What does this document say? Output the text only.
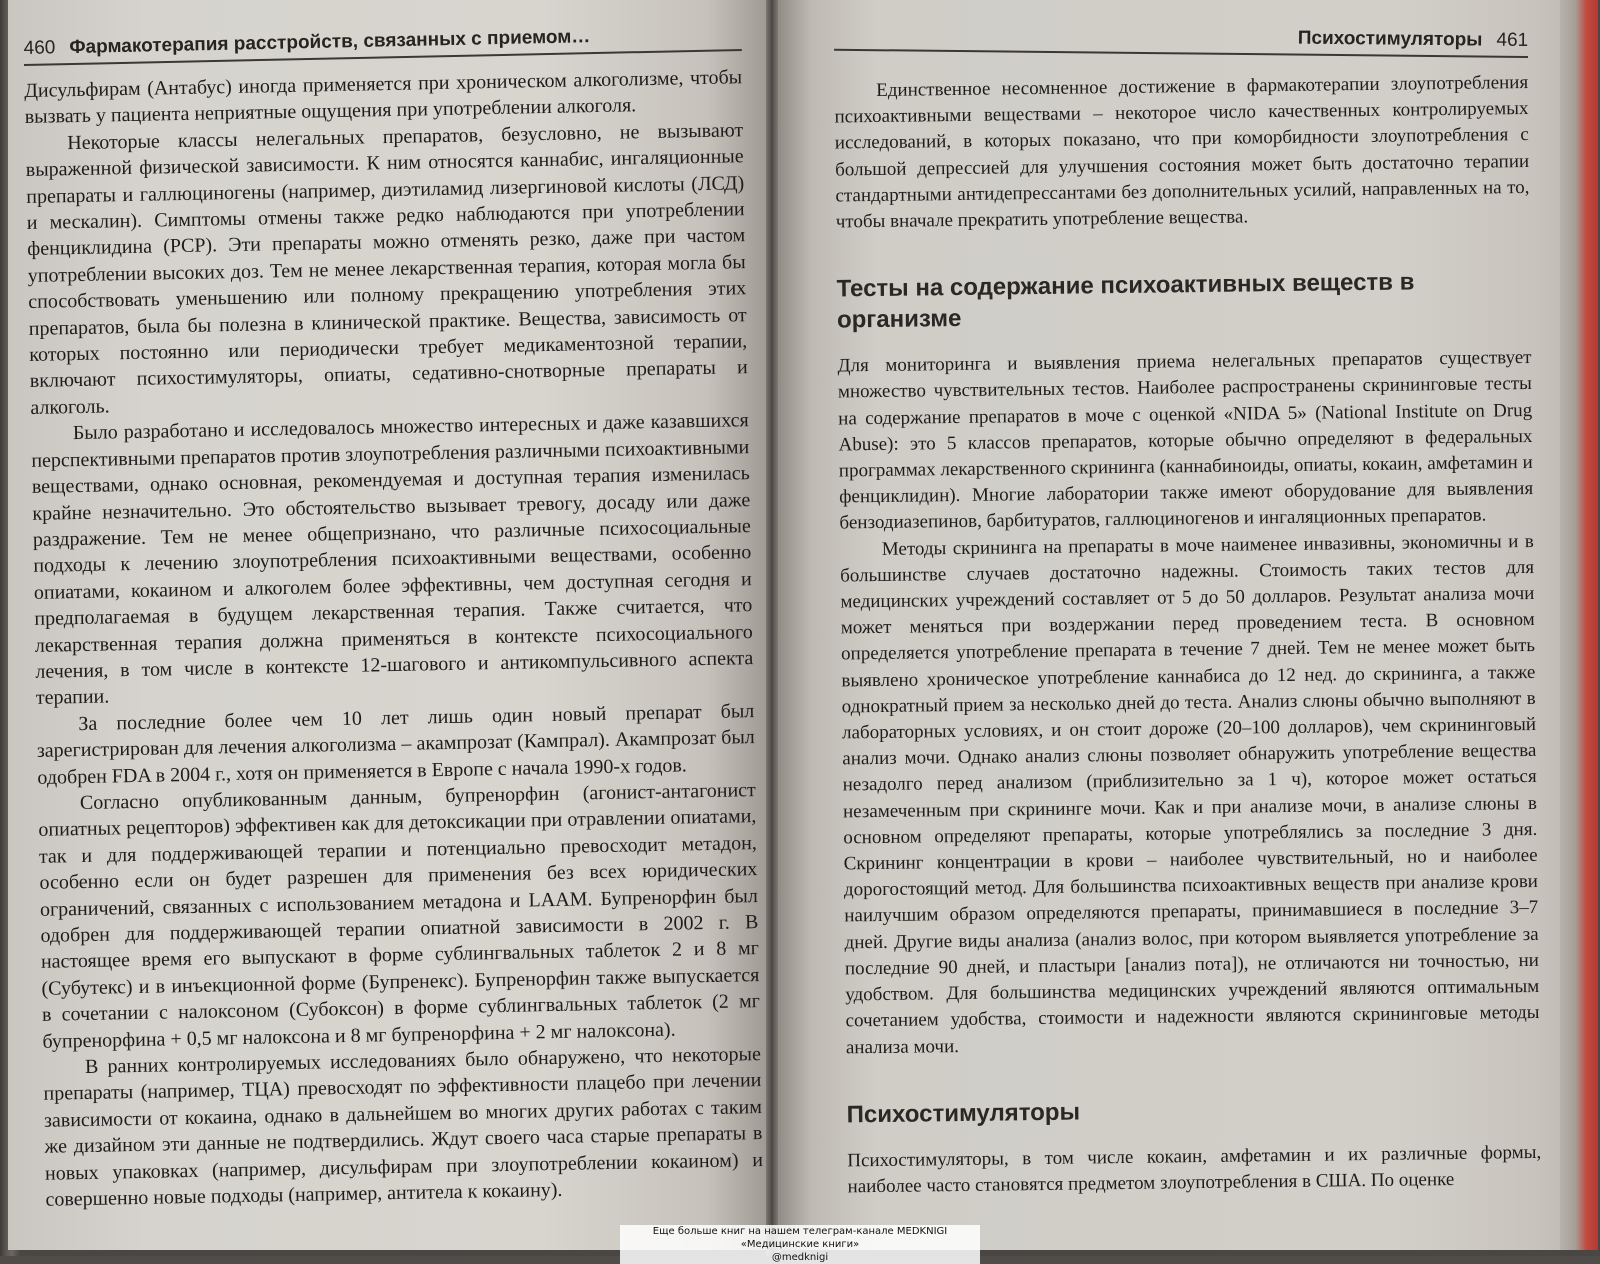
460 Фармакотерапия расстройств, связанных с приемом…

Дисульфирам (Антабус) иногда применяется при хроническом алкоголизме, чтобы вызвать у пациента неприятные ощущения при употреблении алкоголя.

Некоторые классы нелегальных препаратов, безусловно, не вызывают выраженной физической зависимости. К ним относятся каннабис, ингаляционные препараты и галлюциногены (например, диэтиламид лизергиновой кислоты (ЛСД) и мескалин). Симптомы отмены также редко наблюдаются при употреблении фенциклидина (PCP). Эти препараты можно отменять резко, даже при частом употреблении высоких доз. Тем не менее лекарственная терапия, которая могла бы способствовать уменьшению или полному прекращению употребления этих препаратов, была бы полезна в клинической практике. Вещества, зависимость от которых постоянно или периодически требует медикаментозной терапии, включают психостимуляторы, опиаты, седативно-снотворные препараты и алкоголь.

Было разработано и исследовалось множество интересных и даже казавшихся перспективными препаратов против злоупотребления различными психоактивными веществами, однако основная, рекомендуемая и доступная терапия изменилась крайне незначительно. Это обстоятельство вызывает тревогу, досаду или даже раздражение. Тем не менее общепризнано, что различные психосоциальные подходы к лечению злоупотребления психоактивными веществами, особенно опиатами, кокаином и алкоголем более эффективны, чем доступная сегодня и предполагаемая в будущем лекарственная терапия. Также считается, что лекарственная терапия должна применяться в контексте психосоциального лечения, в том числе в контексте 12-шагового и антикомпульсивного аспекта терапии.

За последние более чем 10 лет лишь один новый препарат был зарегистрирован для лечения алкоголизма – акампрозат (Кампрал). Акампрозат был одобрен FDA в 2004 г., хотя он применяется в Европе с начала 1990-х годов.

Согласно опубликованным данным, бупренорфин (агонист-антагонист опиатных рецепторов) эффективен как для детоксикации при отравлении опиатами, так и для поддерживающей терапии и потенциально превосходит метадон, особенно если он будет разрешен для применения без всех юридических ограничений, связанных с использованием метадона и LAAM. Бупренорфин был одобрен для поддерживающей терапии опиатной зависимости в 2002 г. В настоящее время его выпускают в форме сублингвальных таблеток 2 и 8 мг (Субутекс) и в инъекционной форме (Бупренекс). Бупренорфин также выпускается в сочетании с налоксоном (Субоксон) в форме сублингвальных таблеток (2 мг бупренорфина + 0,5 мг налоксона и 8 мг бупренорфина + 2 мг налоксона).

В ранних контролируемых исследованиях было обнаружено, что некоторые препараты (например, ТЦА) превосходят по эффективности плацебо при лечении зависимости от кокаина, однако в дальнейшем во многих других работах с таким же дизайном эти данные не подтвердились. Ждут своего часа старые препараты в новых упаковках (например, дисульфирам при злоупотреблении кокаином) и совершенно новые подходы (например, антитела к кокаину).

Психостимуляторы 461

Единственное несомненное достижение в фармакотерапии злоупотребления психоактивными веществами – некоторое число качественных контролируемых исследований, в которых показано, что при коморбидности злоупотребления с большой депрессией для улучшения состояния может быть достаточно терапии стандартными антидепрессантами без дополнительных усилий, направленных на то, чтобы вначале прекратить употребление вещества.

Тесты на содержание психоактивных веществ в организме

Для мониторинга и выявления приема нелегальных препаратов существует множество чувствительных тестов. Наиболее распространены скрининговые тесты на содержание препаратов в моче с оценкой «NIDA 5» (National Institute on Drug Abuse): это 5 классов препаратов, которые обычно определяют в федеральных программах лекарственного скрининга (каннабиноиды, опиаты, кокаин, амфетамин и фенциклидин). Многие лаборатории также имеют оборудование для выявления бензодиазепинов, барбитуратов, галлюциногенов и ингаляционных препаратов.

Методы скрининга на препараты в моче наименее инвазивны, экономичны и в большинстве случаев достаточно надежны. Стоимость таких тестов для медицинских учреждений составляет от 5 до 50 долларов. Результат анализа мочи может меняться при воздержании перед проведением теста. В основном определяется употребление препарата в течение 7 дней. Тем не менее может быть выявлено хроническое употребление каннабиса до 12 нед. до скрининга, а также однократный прием за несколько дней до теста. Анализ слюны обычно выполняют в лабораторных условиях, и он стоит дороже (20–100 долларов), чем скрининговый анализ мочи. Однако анализ слюны позволяет обнаружить употребление вещества незадолго перед анализом (приблизительно за 1 ч), которое может остаться незамеченным при скрининге мочи. Как и при анализе мочи, в анализе слюны в основном определяют препараты, которые употреблялись за последние 3 дня. Скрининг концентрации в крови – наиболее чувствительный, но и наиболее дорогостоящий метод. Для большинства психоактивных веществ при анализе крови наилучшим образом определяются препараты, принимавшиеся в последние 3–7 дней. Другие виды анализа (анализ волос, при котором выявляется употребление за последние 90 дней, и пластыри [анализ пота]), не отличаются ни точностью, ни удобством. Для большинства медицинских учреждений являются оптимальным сочетанием удобства, стоимости и надежности являются скрининговые методы анализа мочи.

Психостимуляторы

Психостимуляторы, в том числе кокаин, амфетамин и их различные формы, наиболее часто становятся предметом злоупотребления в США. По оценке

Еще больше книг на нашем телеграм-канале MEDKNIGI «Медицинские книги»
@medknigi
